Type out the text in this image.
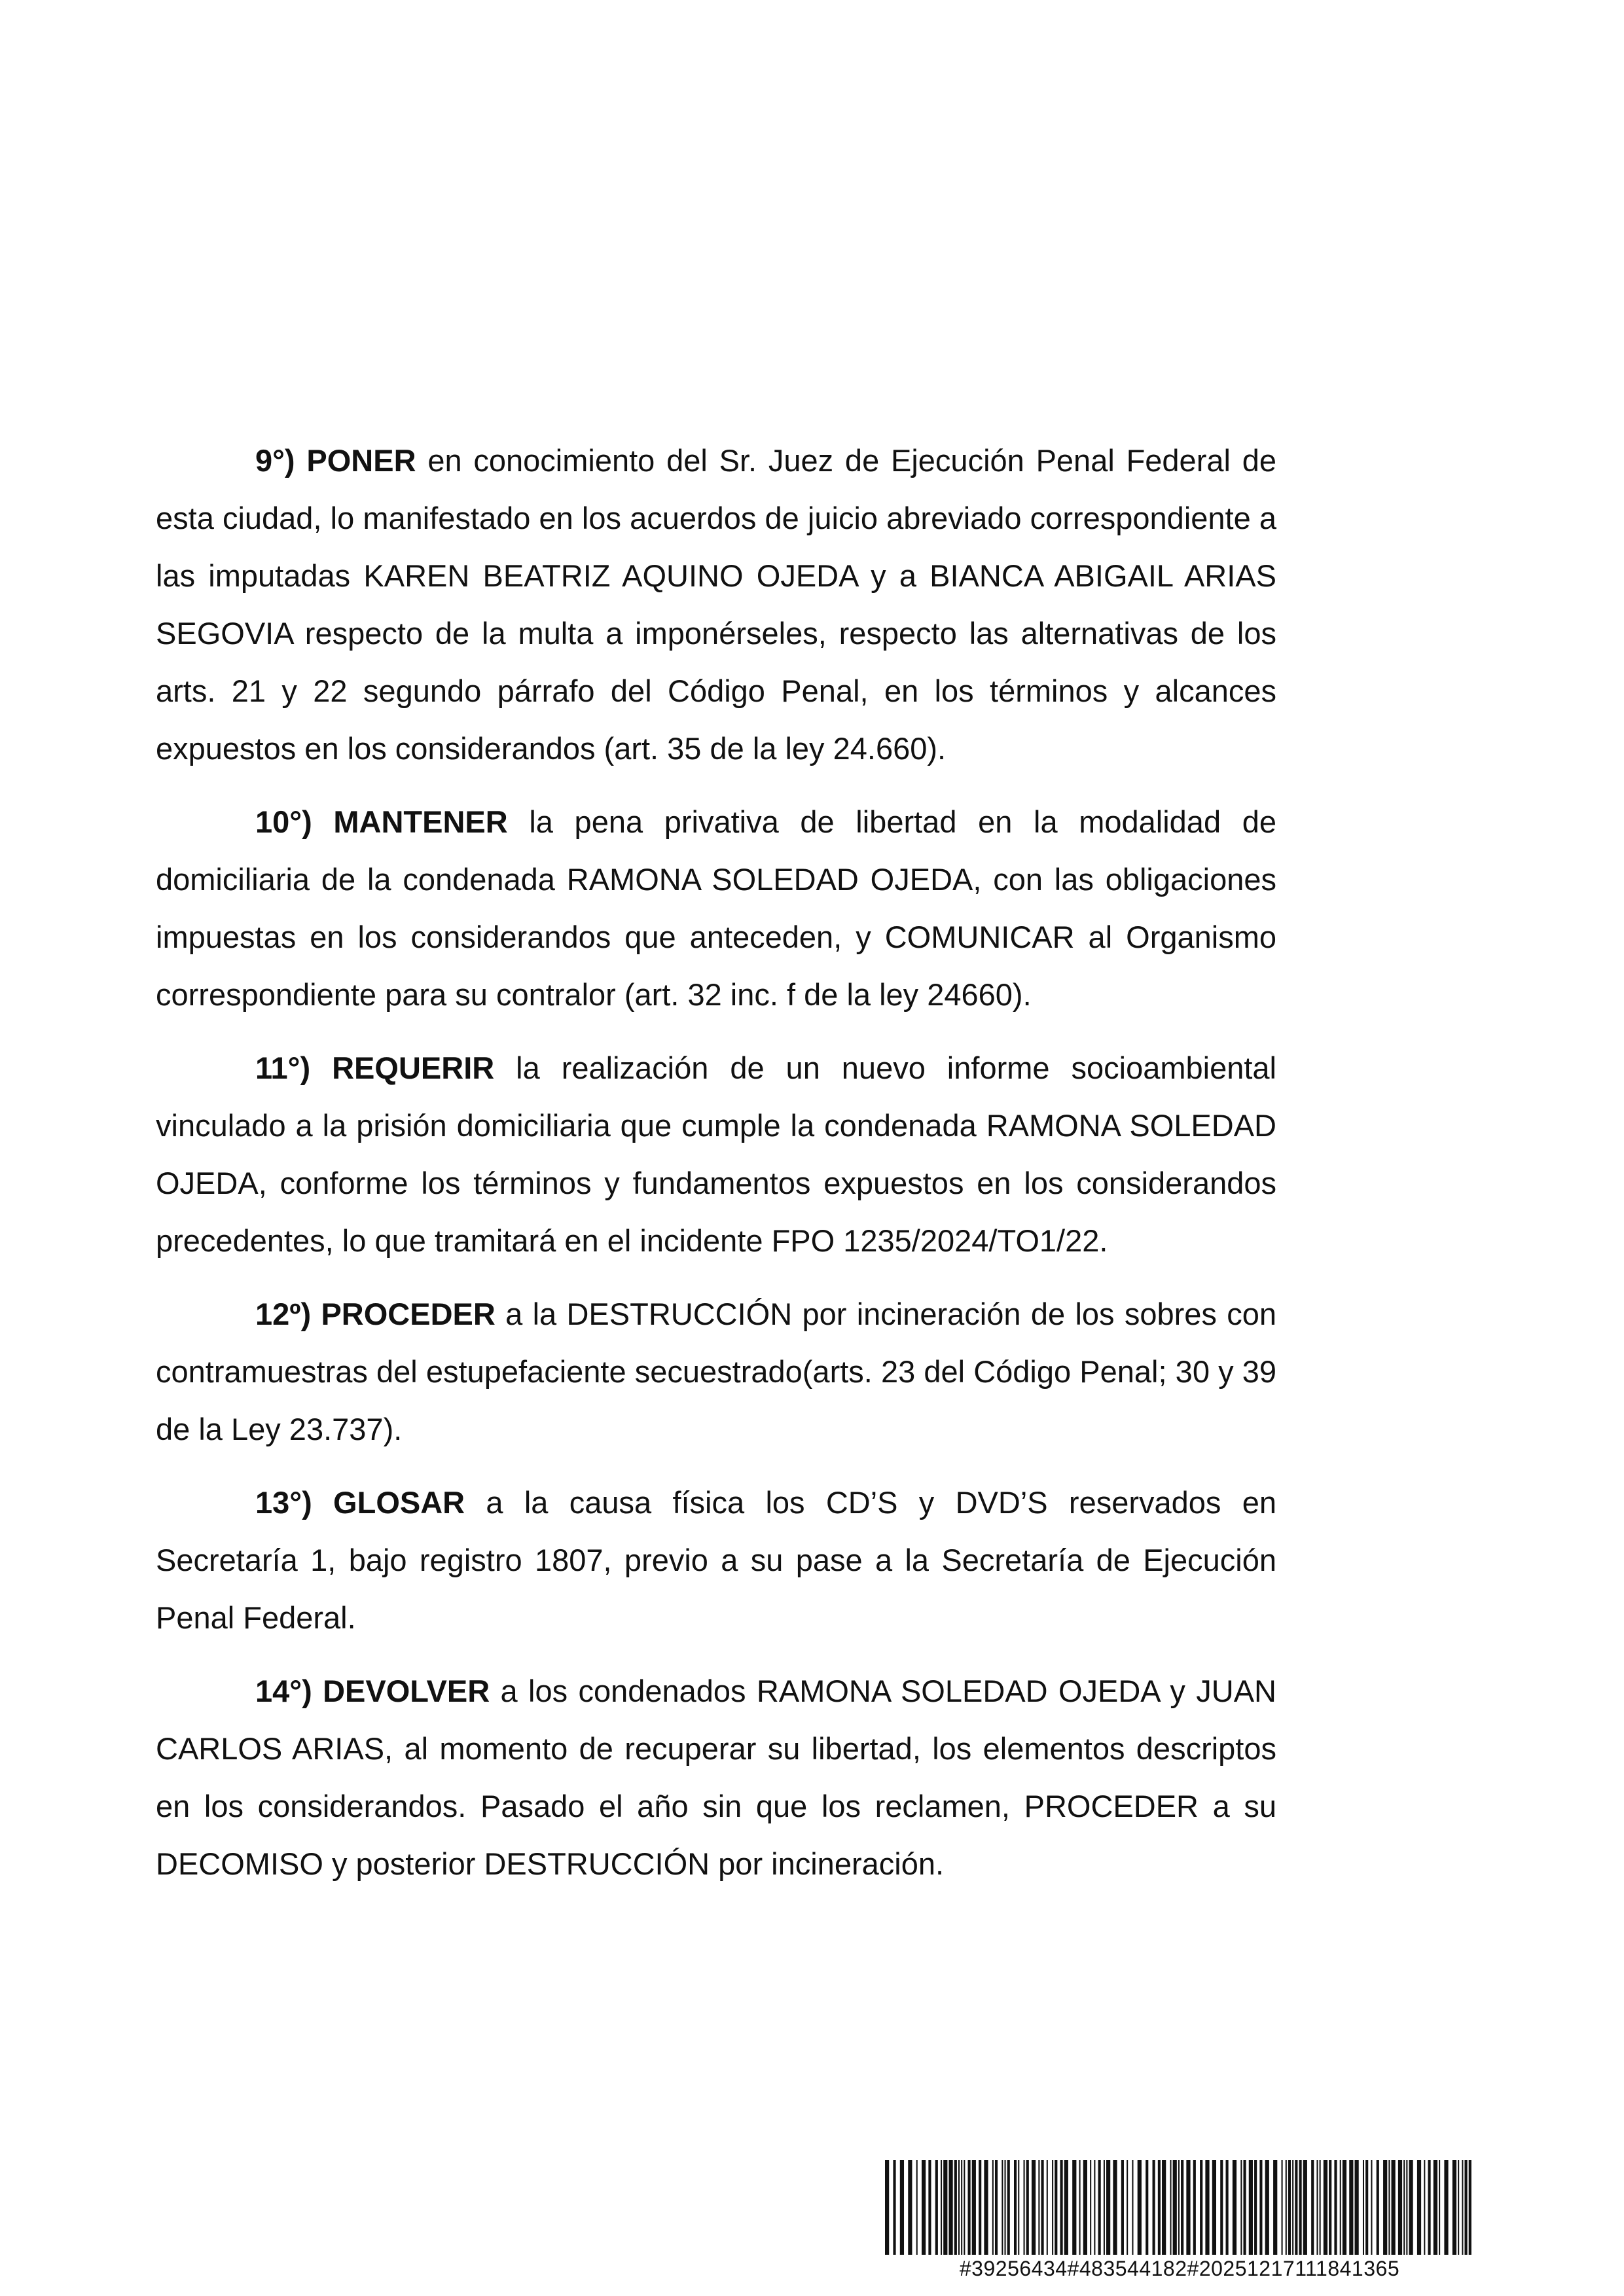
9°) PONER en conocimiento del Sr. Juez de Ejecución Penal Federal de esta ciudad, lo manifestado en los acuerdos de juicio abreviado correspondiente a las imputadas KAREN BEATRIZ AQUINO OJEDA y a BIANCA ABIGAIL ARIAS SEGOVIA respecto de la multa a imponérseles, respecto las alternativas de los arts. 21 y 22 segundo párrafo del Código Penal, en los términos y alcances expuestos en los considerandos (art. 35 de la ley 24.660).

10°) MANTENER la pena privativa de libertad en la modalidad de domiciliaria de la condenada RAMONA SOLEDAD OJEDA, con las obligaciones impuestas en los considerandos que anteceden, y COMUNICAR al Organismo correspondiente para su contralor (art. 32 inc. f de la ley 24660).

11°) REQUERIR la realización de un nuevo informe socioambiental vinculado a la prisión domiciliaria que cumple la condenada RAMONA SOLEDAD OJEDA, conforme los términos y fundamentos expuestos en los considerandos precedentes, lo que tramitará en el incidente FPO 1235/2024/TO1/22.

12º) PROCEDER a la DESTRUCCIÓN por incineración de los sobres con contramuestras del estupefaciente secuestrado(arts. 23 del Código Penal; 30 y 39 de la Ley 23.737).

13°) GLOSAR a la causa física los CD’S y DVD’S reservados en Secretaría 1, bajo registro 1807, previo a su pase a la Secretaría de Ejecución Penal Federal.

14°) DEVOLVER a los condenados RAMONA SOLEDAD OJEDA y JUAN CARLOS ARIAS, al momento de recuperar su libertad, los elementos descriptos en los considerandos. Pasado el año sin que los reclamen, PROCEDER a su DECOMISO y posterior DESTRUCCIÓN por incineración.

#39256434#483544182#20251217111841365
